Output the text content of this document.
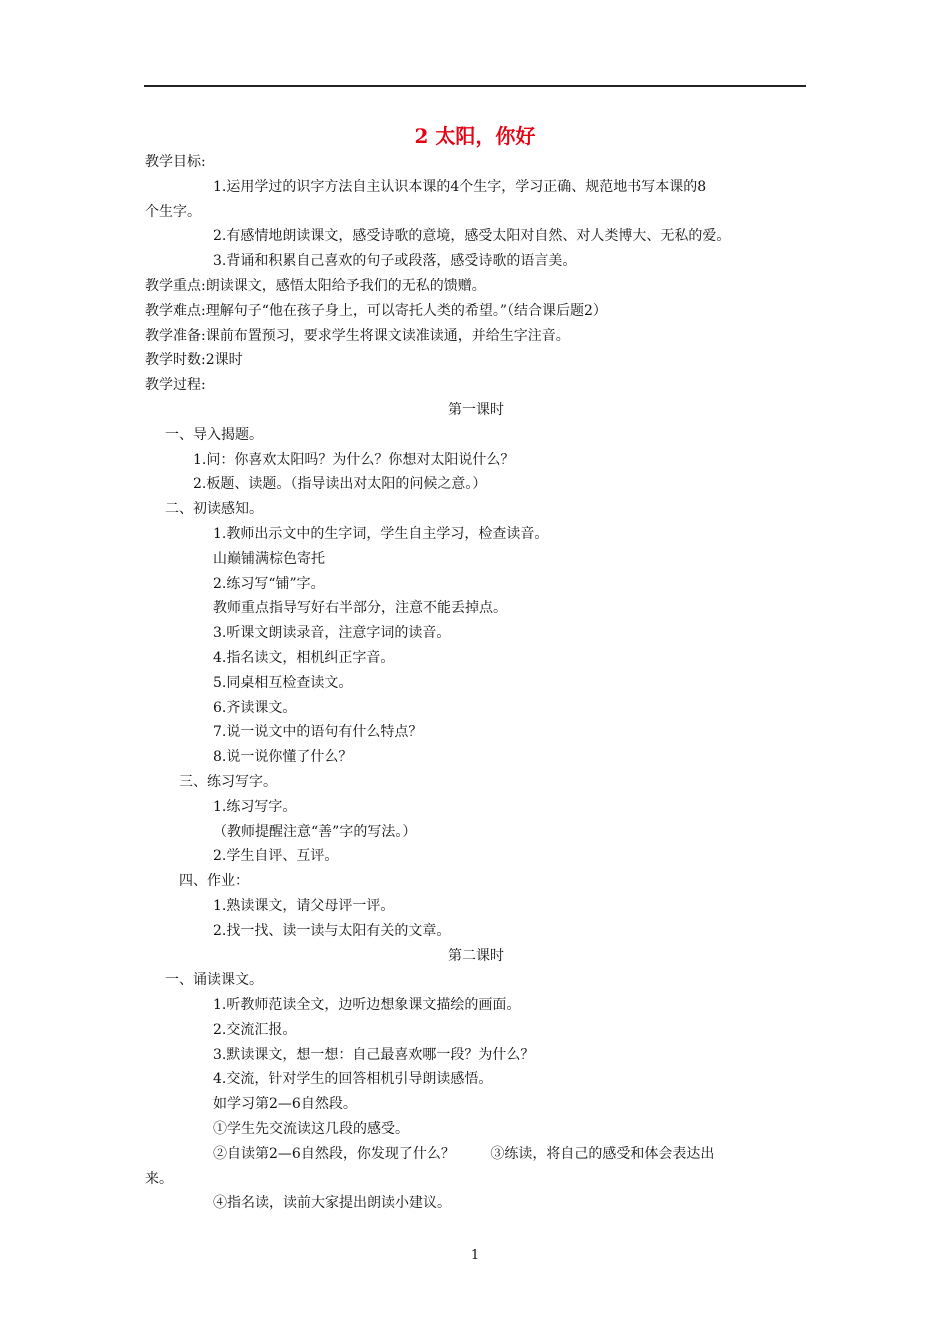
2 太阳，你好
教学目标:
1.运用学过的识字方法自主认识本课的4个生字，学习正确、规范地书写本课的8
个生字。
2.有感情地朗读课文，感受诗歌的意境，感受太阳对自然、对人类博大、无私的爱。
3.背诵和积累自己喜欢的句子或段落，感受诗歌的语言美。
教学重点:朗读课文，感悟太阳给予我们的无私的馈赠。
教学难点:理解句子“他在孩子身上，可以寄托人类的希望。”（结合课后题2）
教学准备:课前布置预习，要求学生将课文读准读通，并给生字注音。
教学时数:2课时
教学过程:
第一课时
一、导入揭题。
1.问：你喜欢太阳吗？为什么？你想对太阳说什么？
2.板题、读题。（指导读出对太阳的问候之意。）
二、初读感知。
1.教师出示文中的生字词，学生自主学习，检查读音。
山巅铺满棕色寄托
2.练习写“铺”字。
教师重点指导写好右半部分，注意不能丢掉点。
3.听课文朗读录音，注意字词的读音。
4.指名读文，相机纠正字音。
5.同桌相互检查读文。
6.齐读课文。
7.说一说文中的语句有什么特点？
8.说一说你懂了什么？
三、练习写字。
1.练习写字。
（教师提醒注意“善”字的写法。）
2.学生自评、互评。
四、作业：
1.熟读课文，请父母评一评。
2.找一找、读一读与太阳有关的文章。
第二课时
一、诵读课文。
1.听教师范读全文，边听边想象课文描绘的画面。
2.交流汇报。
3.默读课文，想一想：自己最喜欢哪一段？为什么？
4.交流，针对学生的回答相机引导朗读感悟。
如学习第2—6自然段。
①学生先交流读这几段的感受。
②自读第2—6自然段，你发现了什么？        ③练读，将自己的感受和体会表达出
来。
④指名读，读前大家提出朗读小建议。
1
